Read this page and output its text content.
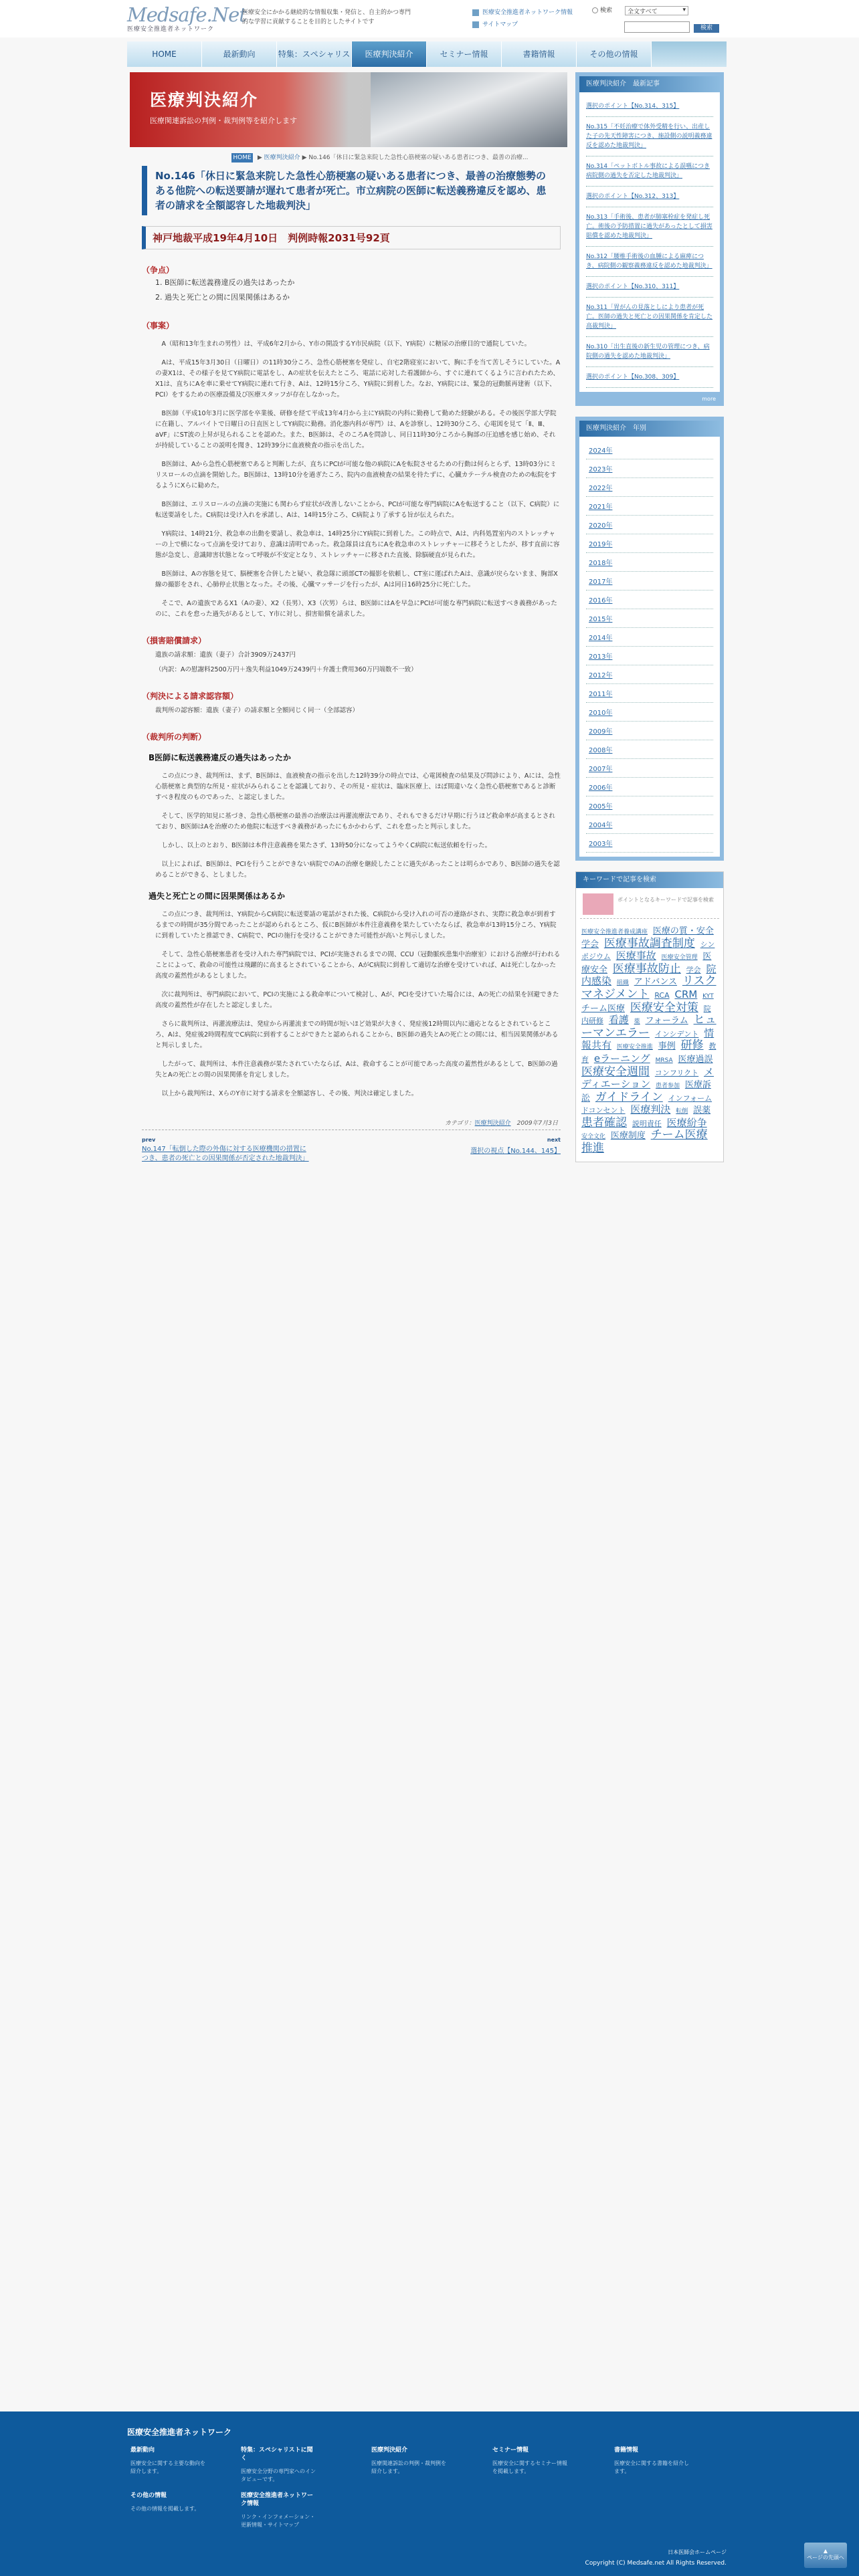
Medsafe.Net
医療安全推進者ネットワーク
医療安全にかかる継続的な情報収集・発信と、自主的かつ専門的な学習に貢献することを目的としたサイトです
医療安全推進者ネットワーク情報
サイトマップ
検索	全文すべて ▾
検索
HOME	最新動向	特集：スペシャリス	医療判決紹介	セミナー情報	書籍情報	その他の情報
医療判決紹介
医療関連訴訟の判例・裁判例等を紹介します
HOME ▶ 医療判決紹介 ▶ No.146「休日に緊急来院した急性心筋梗塞の疑いある患者につき、最善の治療...
No.146「休日に緊急来院した急性心筋梗塞の疑いある患者につき、最善の治療態勢のある他院への転送要請が遅れて患者が死亡。市立病院の医師に転送義務違反を認め、患者の請求を全額認容した地裁判決」
神戸地裁平成19年4月10日　判例時報2031号92頁
（争点）
1. B医師に転送義務違反の過失はあったか
2. 過失と死亡との間に因果関係はあるか
（事案）
A（昭和13年生まれの男性）は、平成6年2月から、Y市の開設するY市民病院（以下、Y病院）に糖尿の治療目的で通院していた。
Aは、平成15年3月30日（日曜日）の11時30分ころ、急性心筋梗塞を発症し、自宅2階寝室において、胸に手を当て苦しそうにしていた。Aの妻X1は、その様子を見てY病院に電話をし、Aの症状を伝えたところ、電話に応対した看護師から、すぐに連れてくるように言われたため、X1は、直ちにAを車に乗せてY病院に連れて行き、Aは、12時15分ころ、Y病院に到着した。なお、Y病院には、緊急的冠動脈再建術（以下、PCI）をするための医療設備及び医療スタッフが存在しなかった。
B医師（平成10年3月に医学部を卒業後、研修を経て平成13年4月から主にY病院の内科に勤務して勤めた経験がある。その後医学部大学院に在籍し、アルバイトで日曜日の日直医としてY病院に勤務。消化器内科が専門）は、Aを診察し、12時30分ころ、心電図を見て「Ⅱ、Ⅲ、aVF」にST波の上昇が見られることを認めた。また、B医師は、そのころAを問診し、同日11時30分ころから胸部の圧迫感を感じ始め、それが持続していることの説明を聞き、12時39分に血液検査の指示を出した。
B医師は、Aから急性心筋梗塞であると判断したが、直ちにPCIが可能な他の病院にAを転院させるための行動は何らとらず、13時03分にミリスロールの点滴を開始した。B医師は、13時10分を過ぎたころ、院内の血液検査の結果を待たずに、心臓カテーテル検査のための転院をするようにXらに勧めた。
B医師は、エリスロールの点滴の実施にも関わらず症状が改善しないことから、PCIが可能な専門病院にAを転送すること（以下、C病院）に転送要請をした。C病院は受け入れを承諾し、Aは、14時15分ころ、C病院より了承する旨が伝えられた。
Y病院は、14時21分、救急車の出動を要請し、救急車は、14時25分にY病院に到着した。この時点で、Aは、内科処置室内のストレッチャーの上で横になって点滴を受けており、意識は清明であった。救急隊員は直ちにAを救急車のストレッチャーに移そうとしたが、移す直前に容態が急変し、意識障害状態となって呼吸が不安定となり、ストレッチャーに移された直後、除脳硬直が見られた。
B医師は、Aの容態を見て、脳梗塞を合併したと疑い、救急隊に頭部CTの撮影を依頼し、CT室に運ばれたAは、意識が戻らないまま、胸部X線の撮影をされ、心肺停止状態となった。その後、心臓マッサージを行ったが、Aは同日16時25分に死亡した。
そこで、Aの遺族であるX1（Aの妻）、X2（長男）、X3（次男）らは、B医師にはAを早急にPCIが可能な専門病院に転送すべき義務があったのに、これを怠った過失があるとして、Y市に対し、損害賠償を請求した。
（損害賠償請求）
遺族の請求額：遺族（妻子）合計3909万2437円
（内訳：Aの慰謝料2500万円＋逸失利益1049万2439円＋弁護士費用360万円端数不一致）
（判決による請求認容額）
裁判所の認容額：遺族（妻子）の請求額と全額同じく同一（全部認容）
（裁判所の判断）
B医師に転送義務違反の過失はあったか
この点につき、裁判所は、まず、B医師は、血液検査の指示を出した12時39分の時点では、心電図検査の結果及び問診により、Aには、急性心筋梗塞と典型的な所見・症状がみられることを認識しており、その所見・症状は、臨床医療上、ほぼ間違いなく急性心筋梗塞であると診断すべき程度のものであった、と認定しました。
そして、医学的知見に基づき、急性心筋梗塞の最善の治療法は再灌流療法であり、それもできるだけ早期に行うほど救命率が高まるとされており、B医師はAを治療のため他院に転送すべき義務があったにもかかわらず、これを怠ったと判示しました。
しかし、以上のとおり、B医師は本件注意義務を果たさず、13時50分になってようやくC病院に転送依頼を行った。
以上によれば、B医師は、PCIを行うことができない病院でのAの治療を継続したことに過失があったことは明らかであり、B医師の過失を認めることができる、としました。
過失と死亡との間に因果関係はあるか
この点につき、裁判所は、Y病院からC病院に転送要請の電話がされた後、C病院から受け入れの可否の連絡がされ、実際に救急車が到着するまでの時間が35分間であったことが認められるところ、仮にB医師が本件注意義務を果たしていたならば、救急車が13時15分ころ、Y病院に到着していたと推認でき、C病院で、PCIの施行を受けることができた可能性が高いと判示しました。
そして、急性心筋梗塞患者を受け入れた専門病院では、PCIが実施されるまでの間、CCU（冠動脈疾患集中治療室）における治療が行われることによって、救命の可能性は飛躍的に高まるとされていることから、AがC病院に到着して適切な治療を受けていれば、Aは死亡しなかった高度の蓋然性があるとしました。
次に裁判所は、専門病院において、PCIの実施による救命率について検討し、Aが、PCIを受けていた場合には、Aの死亡の結果を回避できた高度の蓋然性が存在したと認定しました。
さらに裁判所は、再灌流療法は、発症から再灌流までの時間が短いほど効果が大きく、発症後12時間以内に適応となるとされているところ、Aは、発症後2時間程度でC病院に到着することができたと認められることから、B医師の過失とAの死亡との間には、相当因果関係があると判示しました。
したがって、裁判所は、本件注意義務が果たされていたならば、Aは、救命することが可能であった高度の蓋然性があるとして、B医師の過失とAの死亡との間の因果関係を肯定しました。
以上から裁判所は、XらのY市に対する請求を全額認容し、その後、判決は確定しました。
カテゴリ：医療判決紹介　 2009年7月3日
prev
No.147「転倒した際の外傷に対する医療機関の措置につき、患者の死亡との因果関係が否定された地裁判決」
next
選択の視点【No.144、145】
医療判決紹介　最新記事
選択のポイント【No.314、315】
No.315「不妊治療で体外受精を行い、出産した子の先天性障害につき、施設側の説明義務違反を認めた地裁判決」
No.314「ペットボトル事故による誤嚥につき病院側の過失を否定した地裁判決」
選択のポイント【No.312、313】
No.313「手術後、患者が肺塞栓症を発症し死亡。術後の予防措置に過失があったとして損害賠償を認めた地裁判決」
No.312「腰椎手術後の血腫による麻痺につき、病院側の観察義務違反を認めた地裁判決」
選択のポイント【No.310、311】
No.311「胃がんの見落としにより患者が死亡。医師の過失と死亡との因果関係を肯定した高裁判決」
No.310「出生直後の新生児の管理につき、病院側の過失を認めた地裁判決」
選択のポイント【No.308、309】
more
医療判決紹介　年別
2024年
2023年
2022年
2021年
2020年
2019年
2018年
2017年
2016年
2015年
2014年
2013年
2012年
2011年
2010年
2009年
2008年
2007年
2006年
2005年
2004年
2003年
キーワードで記事を検索
ポイントとなるキーワードで記事を検索
医療安全推進者養成講座 医療の質・安全学会 医療事故調査制度 シンポジウム 医療事故 医療安全管理 医療安全 医療事故防止 学会 院内感染 組織 アドバンス リスクマネジメント RCA CRM KYT チーム医療 医療安全対策 院内研修 看護 薬 フォーラム ヒューマンエラー インシデント 情報共有 医療安全推進 事例 研修 教育 eラーニング MRSA 医療過誤 医療安全週間 コンフリクト メディエーション 患者参加 医療訴訟 ガイドライン インフォームドコンセント 医療判決 転倒 誤薬 患者確認 説明責任 医療紛争 安全文化 医療制度 チーム医療推進
医療安全推進者ネットワーク
最新動向
医療安全に関する主要な動向を紹介します。
特集：スペシャリストに聞く
医療安全分野の専門家へのインタビューです。
医療判決紹介
医療関連訴訟の判例・裁判例を紹介します。
セミナー情報
医療安全に関するセミナー情報を掲載します。
書籍情報
医療安全に関する書籍を紹介します。
その他の情報
その他の情報を掲載します。
医療安全推進者ネットワーク情報
リンク・インフォメーション・更新情報・サイトマップ
日本医師会ホームページ
Copyright (C) Medsafe.net All Rights Reserved.
▲
ページの先頭へ
